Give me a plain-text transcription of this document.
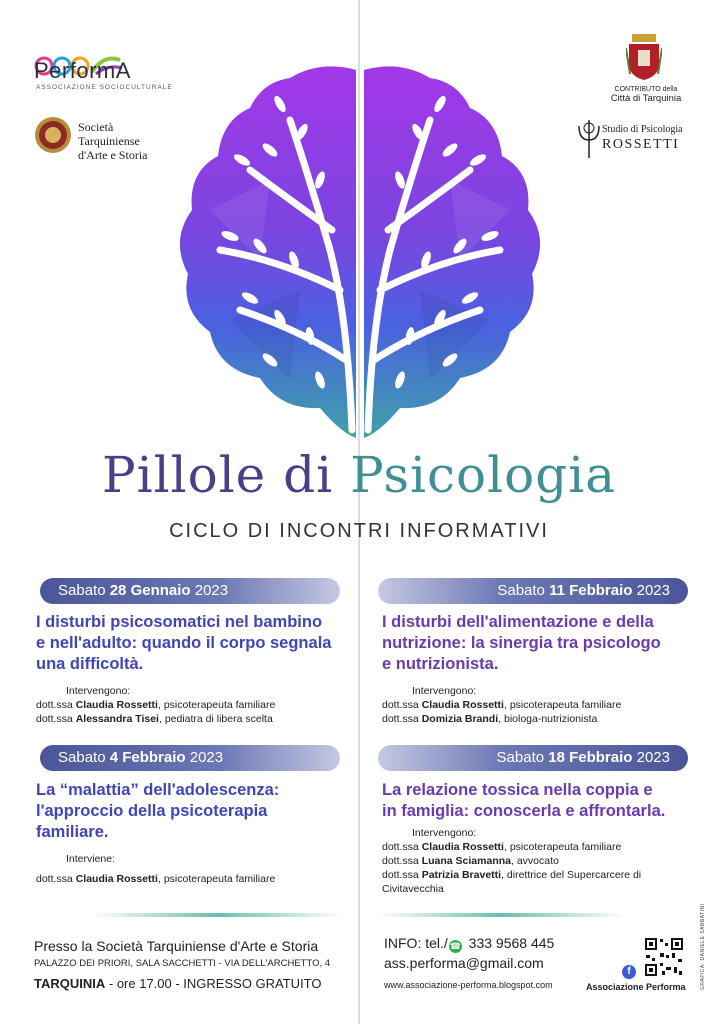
PerformA
ASSOCIAZIONE SOCIOCULTURALE
Società
Tarquiniense
d'Arte e Storia
CONTRIBUTO della
Città di Tarquinia
Studio di Psicologia
ROSSETTI
Pillole di Psicologia
CICLO DI INCONTRI INFORMATIVI
Sabato 28 Gennaio 2023
I disturbi psicosomatici nel bambino
e nell'adulto: quando il corpo segnala
una difficoltà.
Intervengono:
dott.ssa Claudia Rossetti, psicoterapeuta familiare
dott.ssa Alessandra Tisei, pediatra di libera scelta
Sabato 11 Febbraio 2023
I disturbi dell'alimentazione e della
nutrizione: la sinergia tra psicologo
e nutrizionista.
Intervengono:
dott.ssa Claudia Rossetti, psicoterapeuta familiare
dott.ssa Domizia Brandi, biologa-nutrizionista
Sabato 4 Febbraio 2023
La “malattia” dell'adolescenza:
l'approccio della psicoterapia
familiare.
Interviene:
dott.ssa Claudia Rossetti, psicoterapeuta familiare
Sabato 18 Febbraio 2023
La relazione tossica nella coppia e
in famiglia: conoscerla e affrontarla.
Intervengono:
dott.ssa Claudia Rossetti, psicoterapeuta familiare
dott.ssa Luana Sciamanna, avvocato
dott.ssa Patrizia Bravetti, direttrice del Supercarcere di
Civitavecchia
Presso la Società Tarquiniense d'Arte e Storia
PALAZZO DEI PRIORI, SALA SACCHETTI - VIA DELL'ARCHETTO, 4
TARQUINIA - ore 17.00 - INGRESSO GRATUITO
INFO: tel./ ☎ 333 9568 445
ass.performa@gmail.com
www.associazione-performa.blogspot.com
f
Associazione Performa	GRAFICA: DANIELE SABBATINI
